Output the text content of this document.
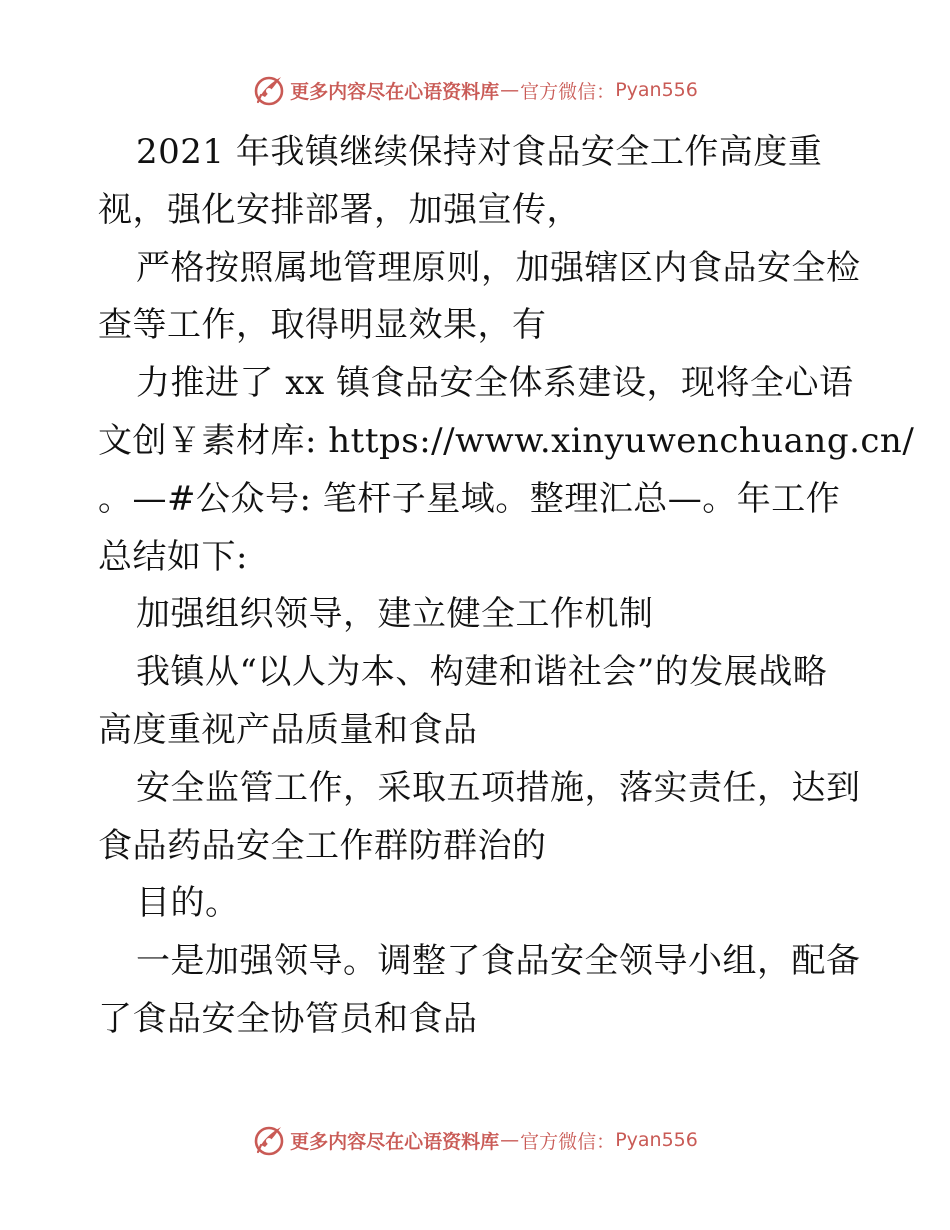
更多内容尽在心语资料库 — 官方微信： Pyan556
2021 年我镇继续保持对食品安全工作高度重
视，强化安排部署，加强宣传，
严格按照属地管理原则，加强辖区内食品安全检
查等工作，取得明显效果，有
力推进了 xx 镇食品安全体系建设，现将全心语
文创￥素材库: https://www.xinyuwenchuang.cn/
。—#公众号: 笔杆子星域。整理汇总—。年工作
总结如下:
加强组织领导，建立健全工作机制
我镇从“以人为本、构建和谐社会”的发展战略
高度重视产品质量和食品
安全监管工作，采取五项措施，落实责任，达到
食品药品安全工作群防群治的
目的。
一是加强领导。调整了食品安全领导小组，配备
了食品安全协管员和食品
更多内容尽在心语资料库 — 官方微信： Pyan556
